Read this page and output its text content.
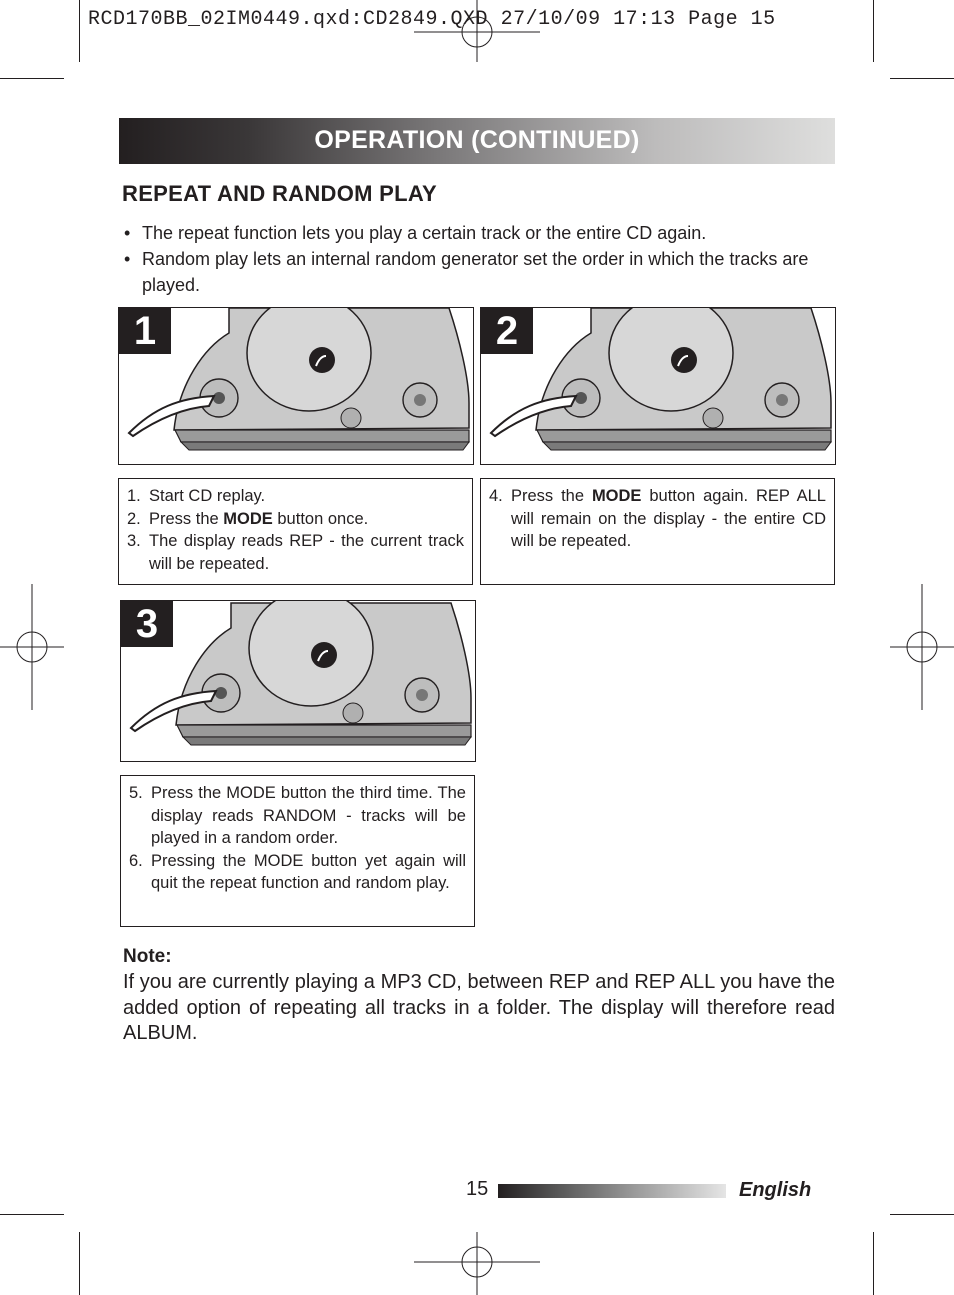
RCD170BB_02IM0449.qxd:CD2849.QXD 27/10/09 17:13 Page 15
OPERATION (CONTINUED)
REPEAT AND RANDOM PLAY
• The repeat function lets you play a certain track or the entire CD again.
• Random play lets an internal random generator set the order in which the tracks are played.
1	2
1. Start CD replay.
2. Press the MODE button once.
3. The display reads REP - the current track will be repeated.
4. Press the MODE button again. REP ALL will remain on the display - the entire CD will be repeated.
3
5. Press the MODE button the third time. The display reads RANDOM - tracks will be played in a random order.
6. Pressing the MODE button yet again will quit the repeat function and random play.
Note:
If you are currently playing a MP3 CD, between REP and REP ALL you have the added option of repeating all tracks in a folder. The display will therefore read ALBUM.
15	English
